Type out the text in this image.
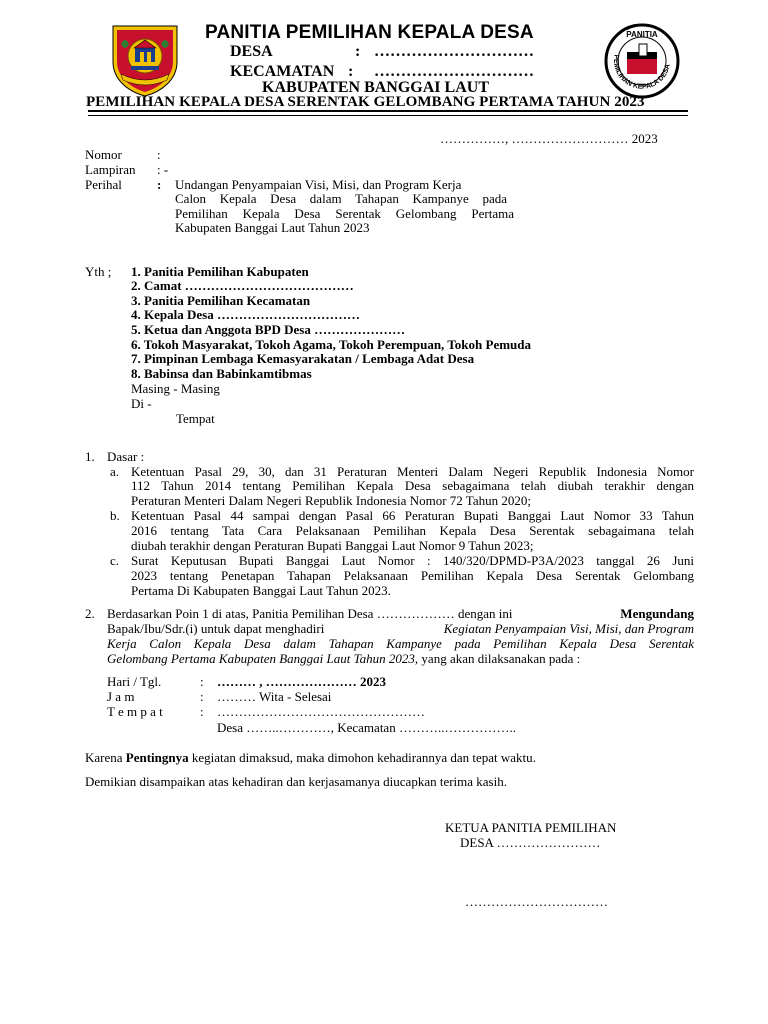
PANITIA PEMILIHAN KEPALA DESA
DESA	: …………………………
KECAMATAN : …………………………
KABUPATEN BANGGAI LAUT
PEMILIHAN KEPALA DESA SERENTAK GELOMBANG PERTAMA TAHUN 2023
PANITIA
PEMILIHAN KEPALA DESA
……………, ……………………… 2023
Nomor	:
Lampiran : -
Perihal	: Undangan Penyampaian Visi, Misi, dan Program Kerja
Calon Kepala Desa dalam Tahapan Kampanye pada
Pemilihan Kepala Desa Serentak Gelombang Pertama
Kabupaten Banggai Laut Tahun 2023
Yth ; 1. Panitia Pemilihan Kabupaten
2. Camat …………………………………
3. Panitia Pemilihan Kecamatan
4. Kepala Desa ……………………………
5. Ketua dan Anggota BPD Desa …………………
6. Tokoh Masyarakat, Tokoh Agama, Tokoh Perempuan, Tokoh Pemuda
7. Pimpinan Lembaga Kemasyarakatan / Lembaga Adat Desa
8. Babinsa dan Babinkamtibmas
Masing - Masing
Di -
Tempat
1. Dasar :
a. Ketentuan Pasal 29, 30, dan 31 Peraturan Menteri Dalam Negeri Republik Indonesia Nomor
112 Tahun 2014 tentang Pemilihan Kepala Desa sebagaimana telah diubah terakhir dengan
Peraturan Menteri Dalam Negeri Republik Indonesia Nomor 72 Tahun 2020;
b. Ketentuan Pasal 44 sampai dengan Pasal 66 Peraturan Bupati Banggai Laut Nomor 33 Tahun
2016 tentang Tata Cara Pelaksanaan Pemilihan Kepala Desa Serentak sebagaimana telah
diubah terakhir dengan Peraturan Bupati Banggai Laut Nomor 9 Tahun 2023;
c. Surat Keputusan Bupati Banggai Laut Nomor : 140/320/DPMD-P3A/2023 tanggal 26 Juni
2023 tentang Penetapan Tahapan Pelaksanaan Pemilihan Kepala Desa Serentak Gelombang
Pertama Di Kabupaten Banggai Laut Tahun 2023.
2. Berdasarkan Poin 1 di atas, Panitia Pemilihan Desa ……………… dengan ini	Mengundang
Bapak/Ibu/Sdr.(i) untuk dapat menghadiri	Kegiatan Penyampaian Visi, Misi, dan Program
Kerja Calon Kepala Desa dalam Tahapan Kampanye pada Pemilihan Kepala Desa Serentak
Gelombang Pertama Kabupaten Banggai Laut Tahun 2023, yang akan dilaksanakan pada :
Hari / Tgl.	: ……… , ………………… 2023
J a m	: ……… Wita - Selesai
T e m p a t	: …………………………………………
Desa ……..…………, Kecamatan ………..……………..
Karena Pentingnya kegiatan dimaksud, maka dimohon kehadirannya dan tepat waktu.
Demikian disampaikan atas kehadiran dan kerjasamanya diucapkan terima kasih.
KETUA PANITIA PEMILIHAN
DESA ……………………
……………………………
